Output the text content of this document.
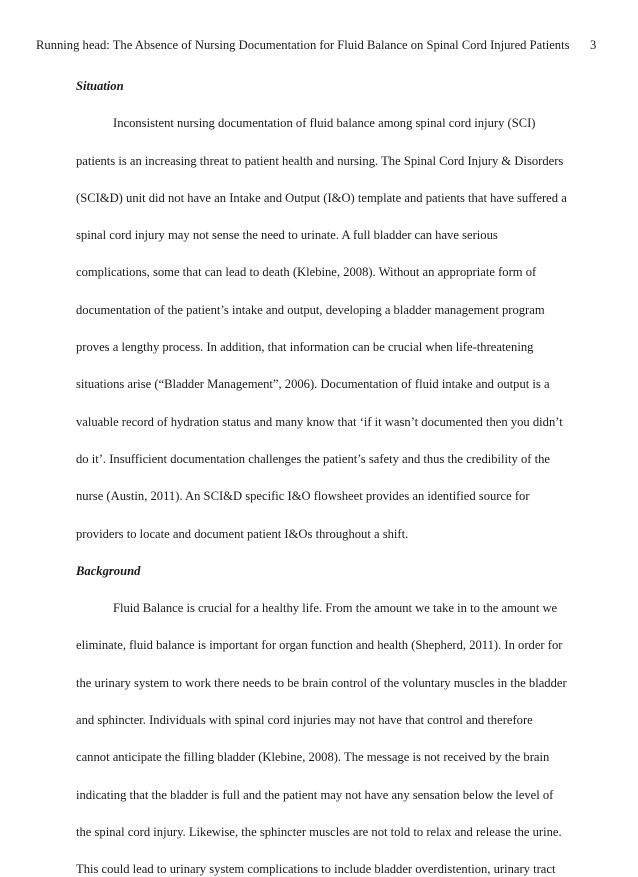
Running head: The Absence of Nursing Documentation for Fluid Balance on Spinal Cord Injured Patients	3
Situation
Inconsistent nursing documentation of fluid balance among spinal cord injury (SCI)
patients is an increasing threat to patient health and nursing. The Spinal Cord Injury & Disorders
(SCI&D) unit did not have an Intake and Output (I&O) template and patients that have suffered a
spinal cord injury may not sense the need to urinate. A full bladder can have serious
complications, some that can lead to death (Klebine, 2008). Without an appropriate form of
documentation of the patient’s intake and output, developing a bladder management program
proves a lengthy process. In addition, that information can be crucial when life-threatening
situations arise (“Bladder Management”, 2006). Documentation of fluid intake and output is a
valuable record of hydration status and many know that ‘if it wasn’t documented then you didn’t
do it’. Insufficient documentation challenges the patient’s safety and thus the credibility of the
nurse (Austin, 2011). An SCI&D specific I&O flowsheet provides an identified source for
providers to locate and document patient I&Os throughout a shift.
Background
Fluid Balance is crucial for a healthy life. From the amount we take in to the amount we
eliminate, fluid balance is important for organ function and health (Shepherd, 2011). In order for
the urinary system to work there needs to be brain control of the voluntary muscles in the bladder
and sphincter. Individuals with spinal cord injuries may not have that control and therefore
cannot anticipate the filling bladder (Klebine, 2008). The message is not received by the brain
indicating that the bladder is full and the patient may not have any sensation below the level of
the spinal cord injury. Likewise, the sphincter muscles are not told to relax and release the urine.
This could lead to urinary system complications to include bladder overdistention, urinary tract
